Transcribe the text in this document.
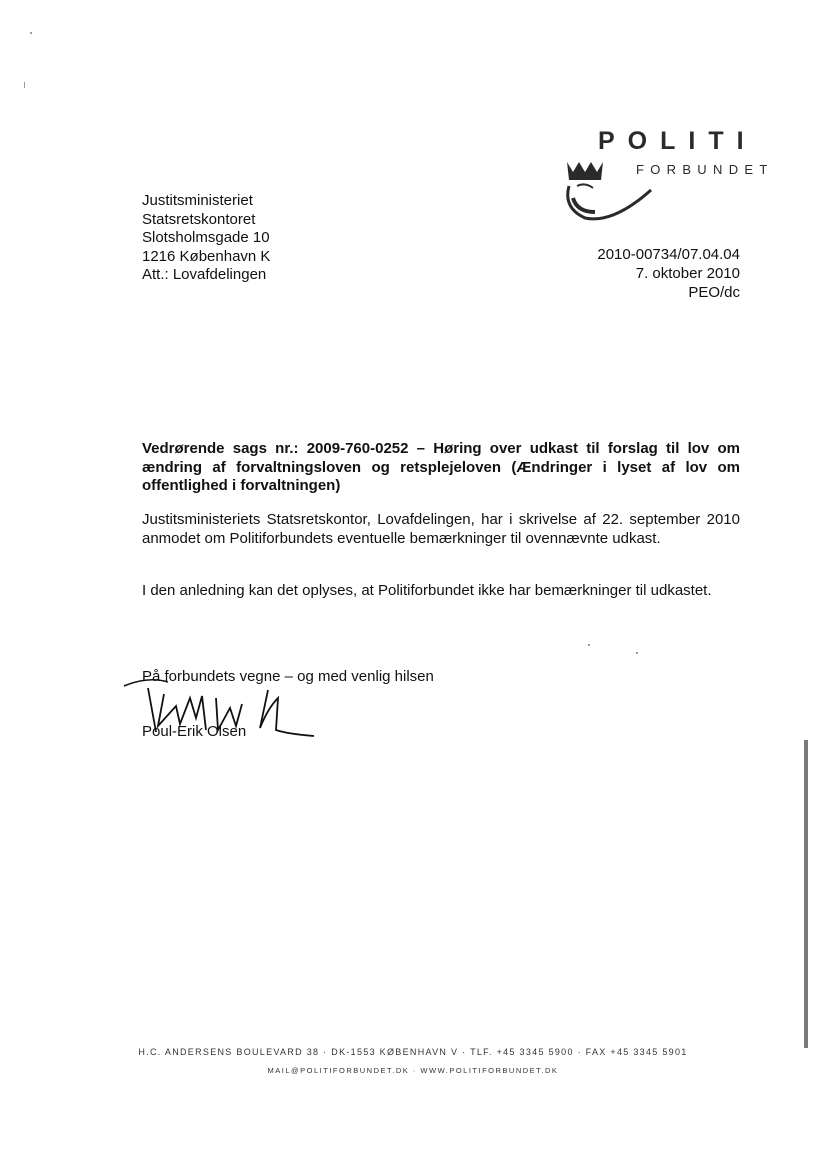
POLITI
FORBUNDET
Justitsministeriet
Statsretskontoret
Slotsholmsgade 10
1216 København K
Att.: Lovafdelingen
2010-00734/07.04.04
7. oktober 2010
PEO/dc
Vedrørende sags nr.: 2009-760-0252 – Høring over udkast til forslag til lov om ændring af forvaltningsloven og retsplejeloven (Ændringer i lyset af lov om offentlighed i forvaltningen)
Justitsministeriets Statsretskontor, Lovafdelingen, har i skrivelse af 22. september 2010 anmodet om Politiforbundets eventuelle bemærkninger til ovennævnte udkast.
I den anledning kan det oplyses, at Politiforbundet ikke har bemærkninger til udkastet.
På forbundets vegne – og med venlig hilsen
Poul-Erik Olsen
H.C. ANDERSENS BOULEVARD 38 · DK-1553 KØBENHAVN V · TLF. +45 3345 5900 · FAX +45 3345 5901
MAIL@POLITIFORBUNDET.DK · WWW.POLITIFORBUNDET.DK
